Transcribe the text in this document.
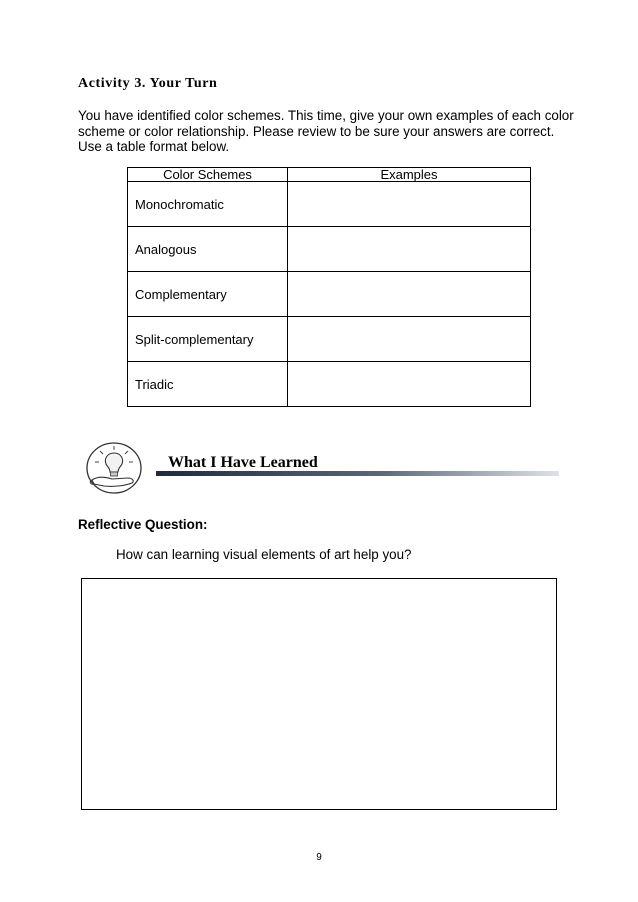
Activity 3. Your Turn
You have identified color schemes. This time, give your own examples of each color scheme or color relationship. Please review to be sure your answers are correct. Use a table format below.
Color Schemes	Examples
Monochromatic	
Analogous	
Complementary	
Split-complementary	
Triadic	
What I Have Learned
Reflective Question:
How can learning visual elements of art help you?
9
